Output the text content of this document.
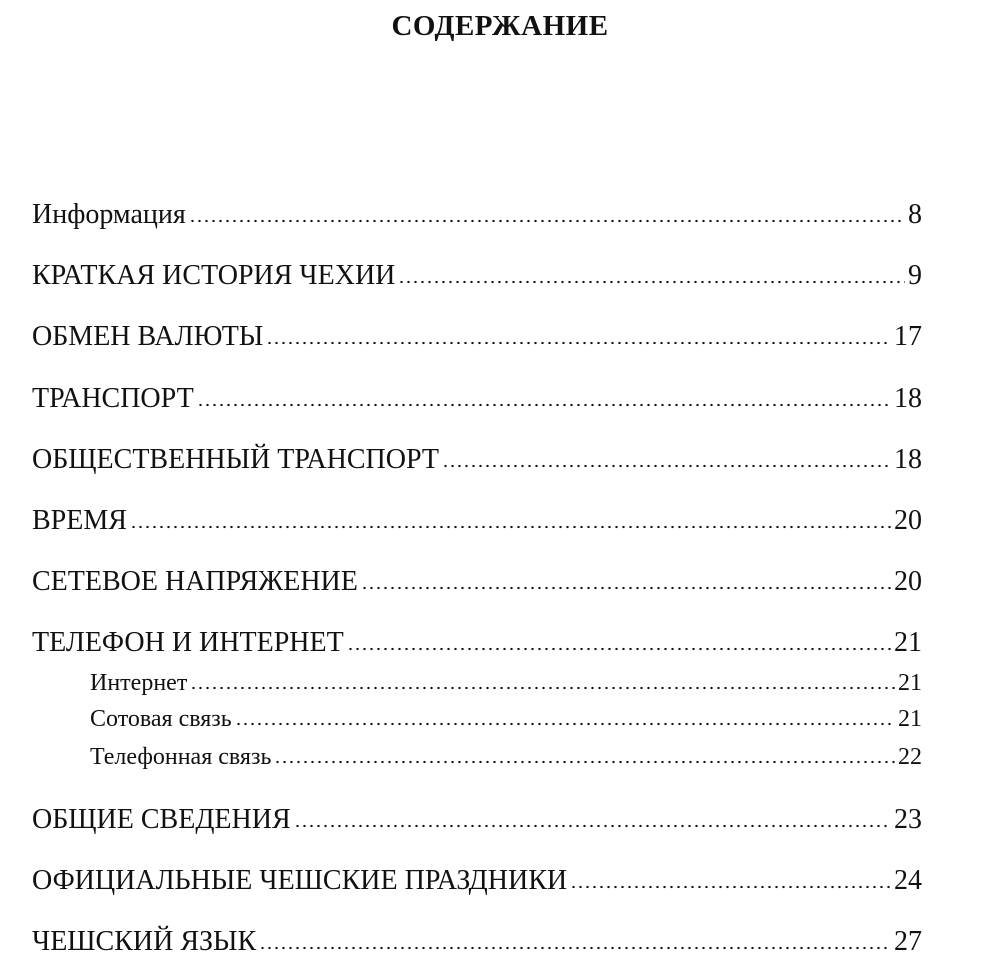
СОДЕРЖАНИЕ
Информация	8
КРАТКАЯ ИСТОРИЯ ЧЕХИИ	9
ОБМЕН ВАЛЮТЫ	17
ТРАНСПОРТ	18
ОБЩЕСТВЕННЫЙ ТРАНСПОРТ	18
ВРЕМЯ	20
СЕТЕВОЕ НАПРЯЖЕНИЕ	20
ТЕЛЕФОН И ИНТЕРНЕТ	21
Интернет	21
Сотовая связь	21
Телефонная связь	22
ОБЩИЕ СВЕДЕНИЯ	23
ОФИЦИАЛЬНЫЕ ЧЕШСКИЕ ПРАЗДНИКИ	24
ЧЕШСКИЙ ЯЗЫК	27
